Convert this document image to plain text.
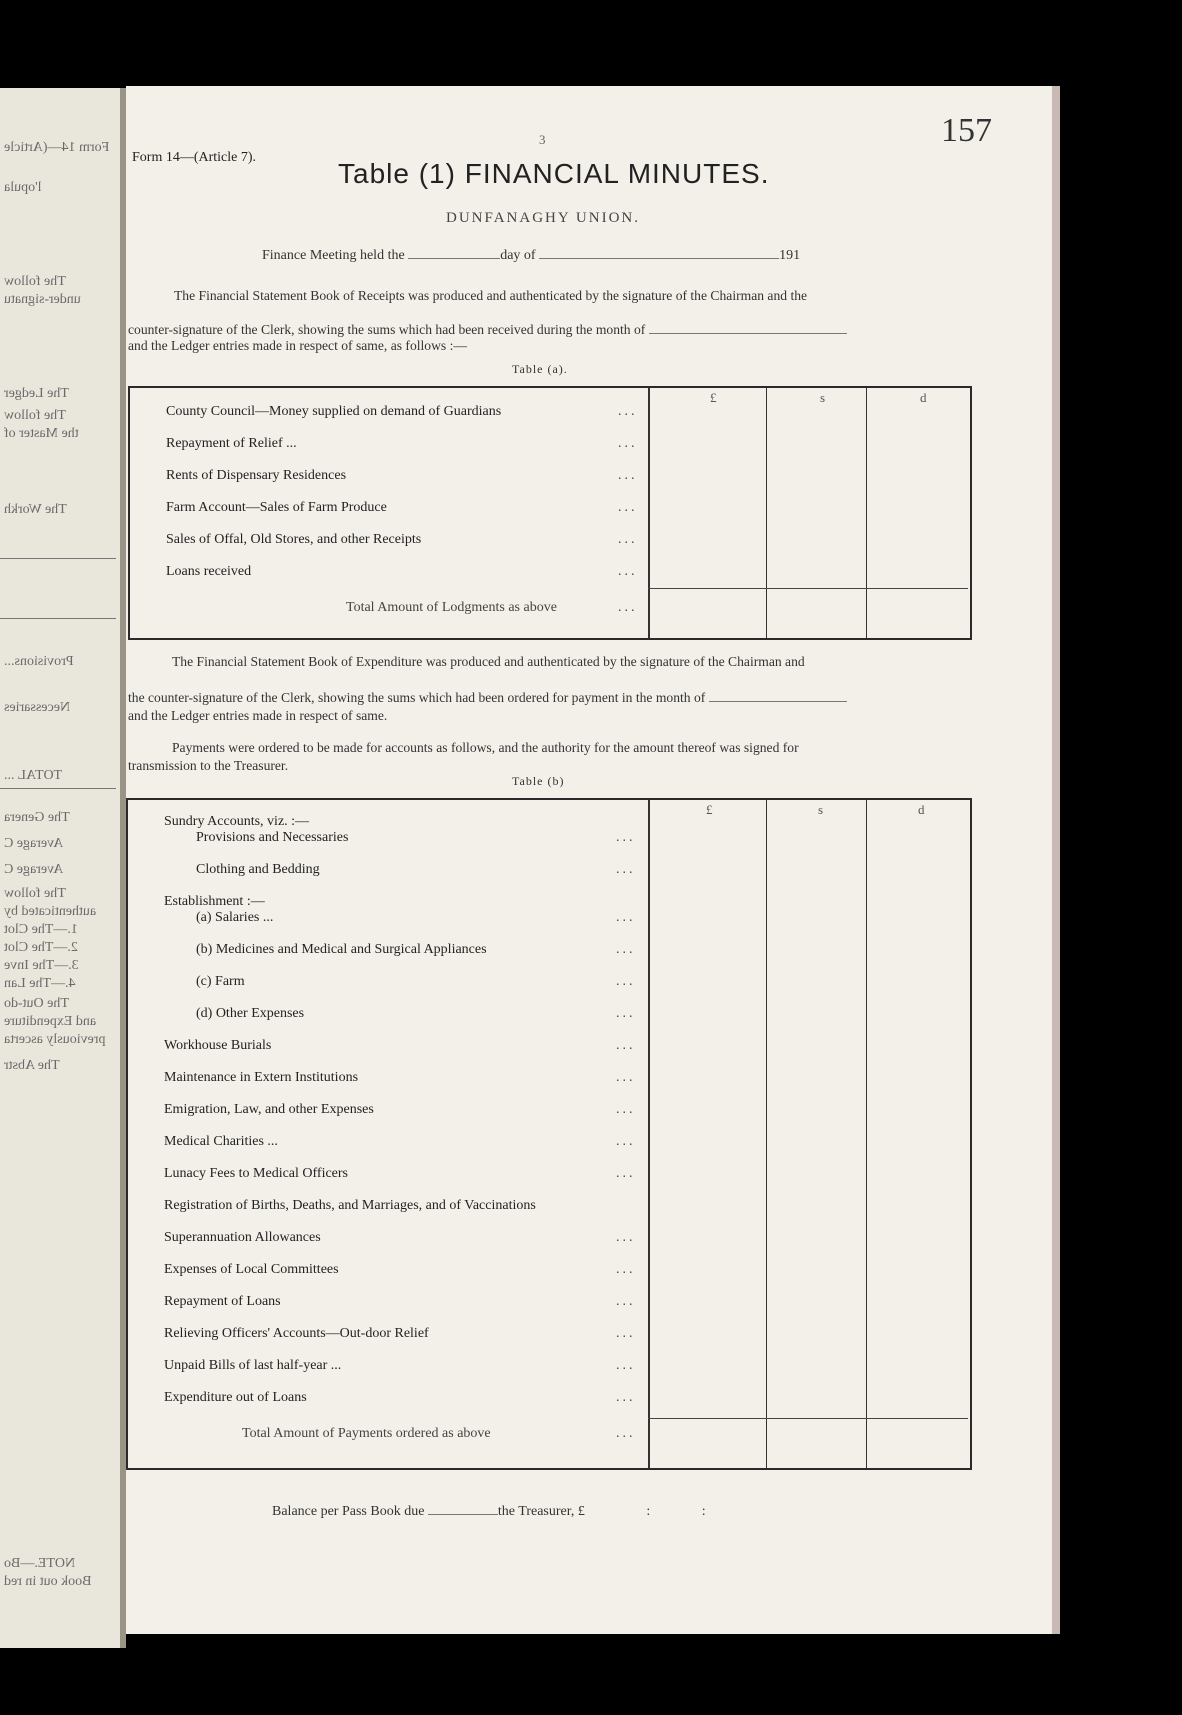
Form 14—(Article
l'opula
The follow
under-signatu
The Ledger
The follow
the Master of
The Workh
Provisions...
Necessaries
TOTAL ...
The Genera
Average C
Average C
The follow
authenticated by
1.—The Clot
2.—The Clot
3.—The Inve
4.—The Lan
The Out-do
and Expenditure
previously ascerta
The Abstr
NOTE.—Bo
Book out in red
157
3
Form 14—(Article 7).
Table (1) FINANCIAL MINUTES.
DUNFANAGHY UNION.
Finance Meeting held the	day of	191
The Financial Statement Book of Receipts was produced and authenticated by the signature of the Chairman and the
counter-signature of the Clerk, showing the sums which had been received during the month of
and the Ledger entries made in respect of same, as follows :—
Table (a).
£	s	d
County Council—Money supplied on demand of Guardians	...
Repayment of Relief ...	...
Rents of Dispensary Residences	...
Farm Account—Sales of Farm Produce	...
Sales of Offal, Old Stores, and other Receipts	...
Loans received	...
Total Amount of Lodgments as above	...
The Financial Statement Book of Expenditure was produced and authenticated by the signature of the Chairman and
the counter-signature of the Clerk, showing the sums which had been ordered for payment in the month of
and the Ledger entries made in respect of same.
Payments were ordered to be made for accounts as follows, and the authority for the amount thereof was signed for
transmission to the Treasurer.
Table (b)
£	s	d
Sundry Accounts, viz. :—
Provisions and Necessaries	...
Clothing and Bedding	...
Establishment :—
(a) Salaries ...	...
(b) Medicines and Medical and Surgical Appliances	...
(c) Farm	...
(d) Other Expenses	...
Workhouse Burials	...
Maintenance in Extern Institutions	...
Emigration, Law, and other Expenses	...
Medical Charities ...	...
Lunacy Fees to Medical Officers	...
Registration of Births, Deaths, and Marriages, and of Vaccinations
Superannuation Allowances	...
Expenses of Local Committees	...
Repayment of Loans	...
Relieving Officers' Accounts—Out-door Relief	...
Unpaid Bills of last half-year ...	...
Expenditure out of Loans	...
Total Amount of Payments ordered as above	...
Balance per Pass Book due	the Treasurer, £	:	:
